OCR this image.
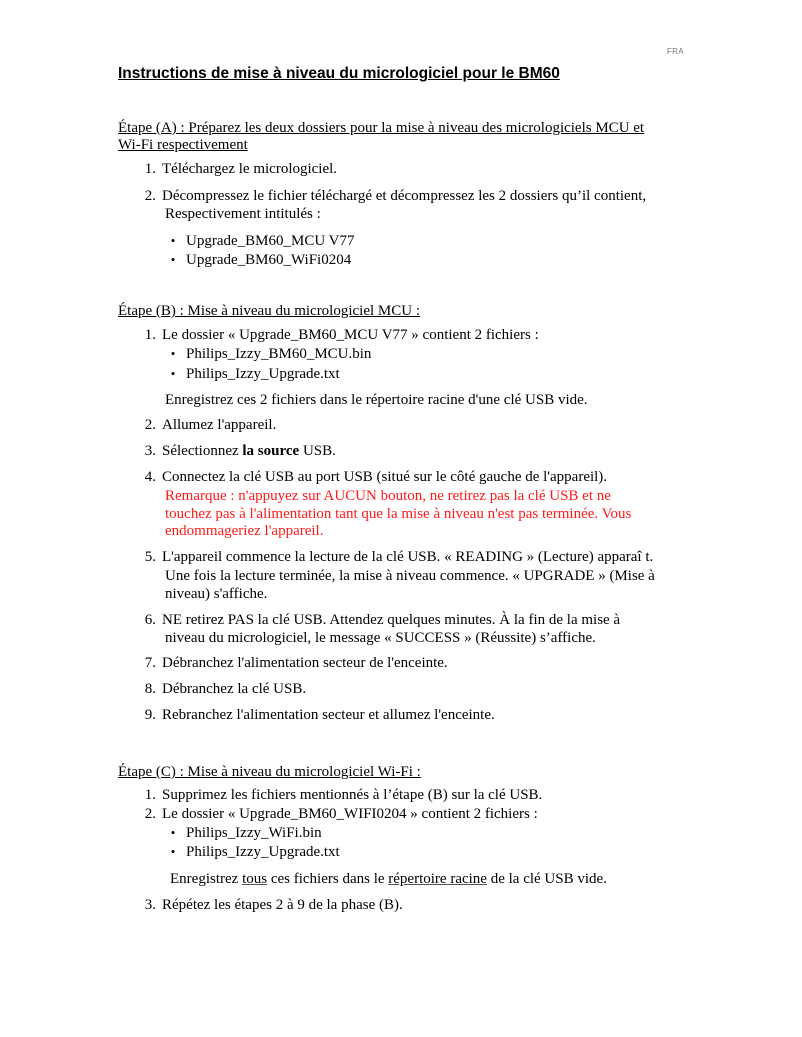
FRA
Instructions de mise à niveau du micrologiciel pour le BM60
Étape (A) : Préparez les deux dossiers pour la mise à niveau des micrologiciels MCU et
Wi-Fi respectivement
1. Téléchargez le micrologiciel.
2. Décompressez le fichier téléchargé et décompressez les 2 dossiers qu’il contient,
Respectivement intitulés :
• Upgrade_BM60_MCU V77
• Upgrade_BM60_WiFi0204
Étape (B) : Mise à niveau du micrologiciel MCU :
1. Le dossier « Upgrade_BM60_MCU V77 » contient 2 fichiers :
• Philips_Izzy_BM60_MCU.bin
• Philips_Izzy_Upgrade.txt
Enregistrez ces 2 fichiers dans le répertoire racine d'une clé USB vide.
2. Allumez l'appareil.
3. Sélectionnez la source USB.
4. Connectez la clé USB au port USB (situé sur le côté gauche de l'appareil).
Remarque : n'appuyez sur AUCUN bouton, ne retirez pas la clé USB et ne
touchez pas à l'alimentation tant que la mise à niveau n'est pas terminée. Vous
endommageriez l'appareil.
5. L'appareil commence la lecture de la clé USB. « READING » (Lecture) apparaî t.
Une fois la lecture terminée, la mise à niveau commence. « UPGRADE » (Mise à
niveau) s'affiche.
6. NE retirez PAS la clé USB. Attendez quelques minutes. À la fin de la mise à
niveau du micrologiciel, le message « SUCCESS » (Réussite) s’affiche.
7. Débranchez l'alimentation secteur de l'enceinte.
8. Débranchez la clé USB.
9. Rebranchez l'alimentation secteur et allumez l'enceinte.
Étape (C) : Mise à niveau du micrologiciel Wi-Fi :
1. Supprimez les fichiers mentionnés à l’étape (B) sur la clé USB.
2. Le dossier « Upgrade_BM60_WIFI0204 » contient 2 fichiers :
• Philips_Izzy_WiFi.bin
• Philips_Izzy_Upgrade.txt
Enregistrez tous ces fichiers dans le répertoire racine de la clé USB vide.
3. Répétez les étapes 2 à 9 de la phase (B).
